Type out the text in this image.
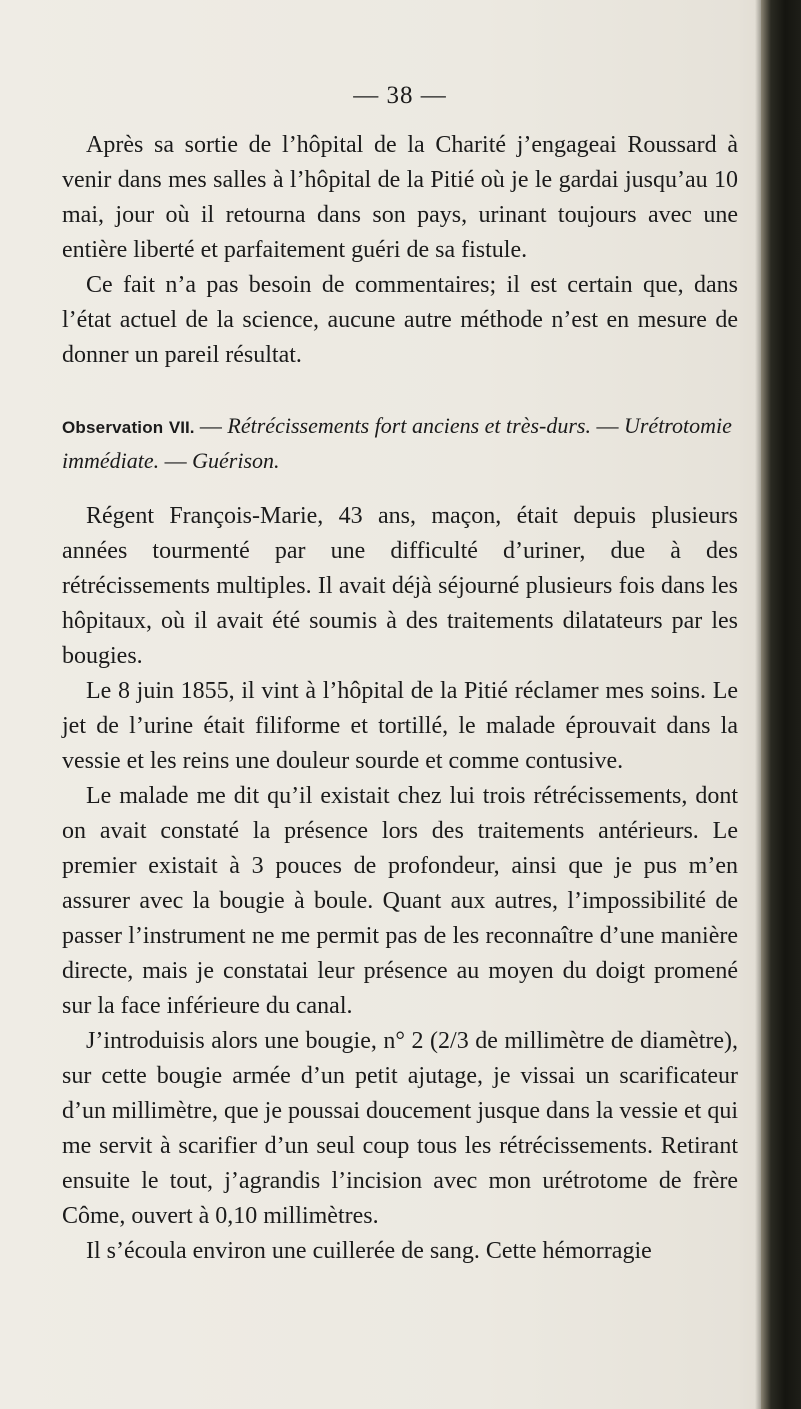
— 38 —

Après sa sortie de l’hôpital de la Charité j’engageai Roussard à venir dans mes salles à l’hôpital de la Pitié où je le gardai jusqu’au 10 mai, jour où il retourna dans son pays, urinant toujours avec une entière liberté et parfaitement guéri de sa fistule.

Ce fait n’a pas besoin de commentaires; il est certain que, dans l’état actuel de la science, aucune autre méthode n’est en mesure de donner un pareil résultat.

Observation VII. — Rétrécissements fort anciens et très-durs. — Urétrotomie immédiate. — Guérison.

Régent François-Marie, 43 ans, maçon, était depuis plusieurs années tourmenté par une difficulté d’uriner, due à des rétrécissements multiples. Il avait déjà séjourné plusieurs fois dans les hôpitaux, où il avait été soumis à des traitements dilatateurs par les bougies.

Le 8 juin 1855, il vint à l’hôpital de la Pitié réclamer mes soins. Le jet de l’urine était filiforme et tortillé, le malade éprouvait dans la vessie et les reins une douleur sourde et comme contusive.

Le malade me dit qu’il existait chez lui trois rétrécissements, dont on avait constaté la présence lors des traitements antérieurs. Le premier existait à 3 pouces de profondeur, ainsi que je pus m’en assurer avec la bougie à boule. Quant aux autres, l’impossibilité de passer l’instrument ne me permit pas de les reconnaître d’une manière directe, mais je constatai leur présence au moyen du doigt promené sur la face inférieure du canal.

J’introduisis alors une bougie, n° 2 (2/3 de millimètre de diamètre), sur cette bougie armée d’un petit ajutage, je vissai un scarificateur d’un millimètre, que je poussai doucement jusque dans la vessie et qui me servit à scarifier d’un seul coup tous les rétrécissements. Retirant ensuite le tout, j’agrandis l’incision avec mon urétrotome de frère Côme, ouvert à 0,10 millimètres.

Il s’écoula environ une cuillerée de sang. Cette hémorragie
